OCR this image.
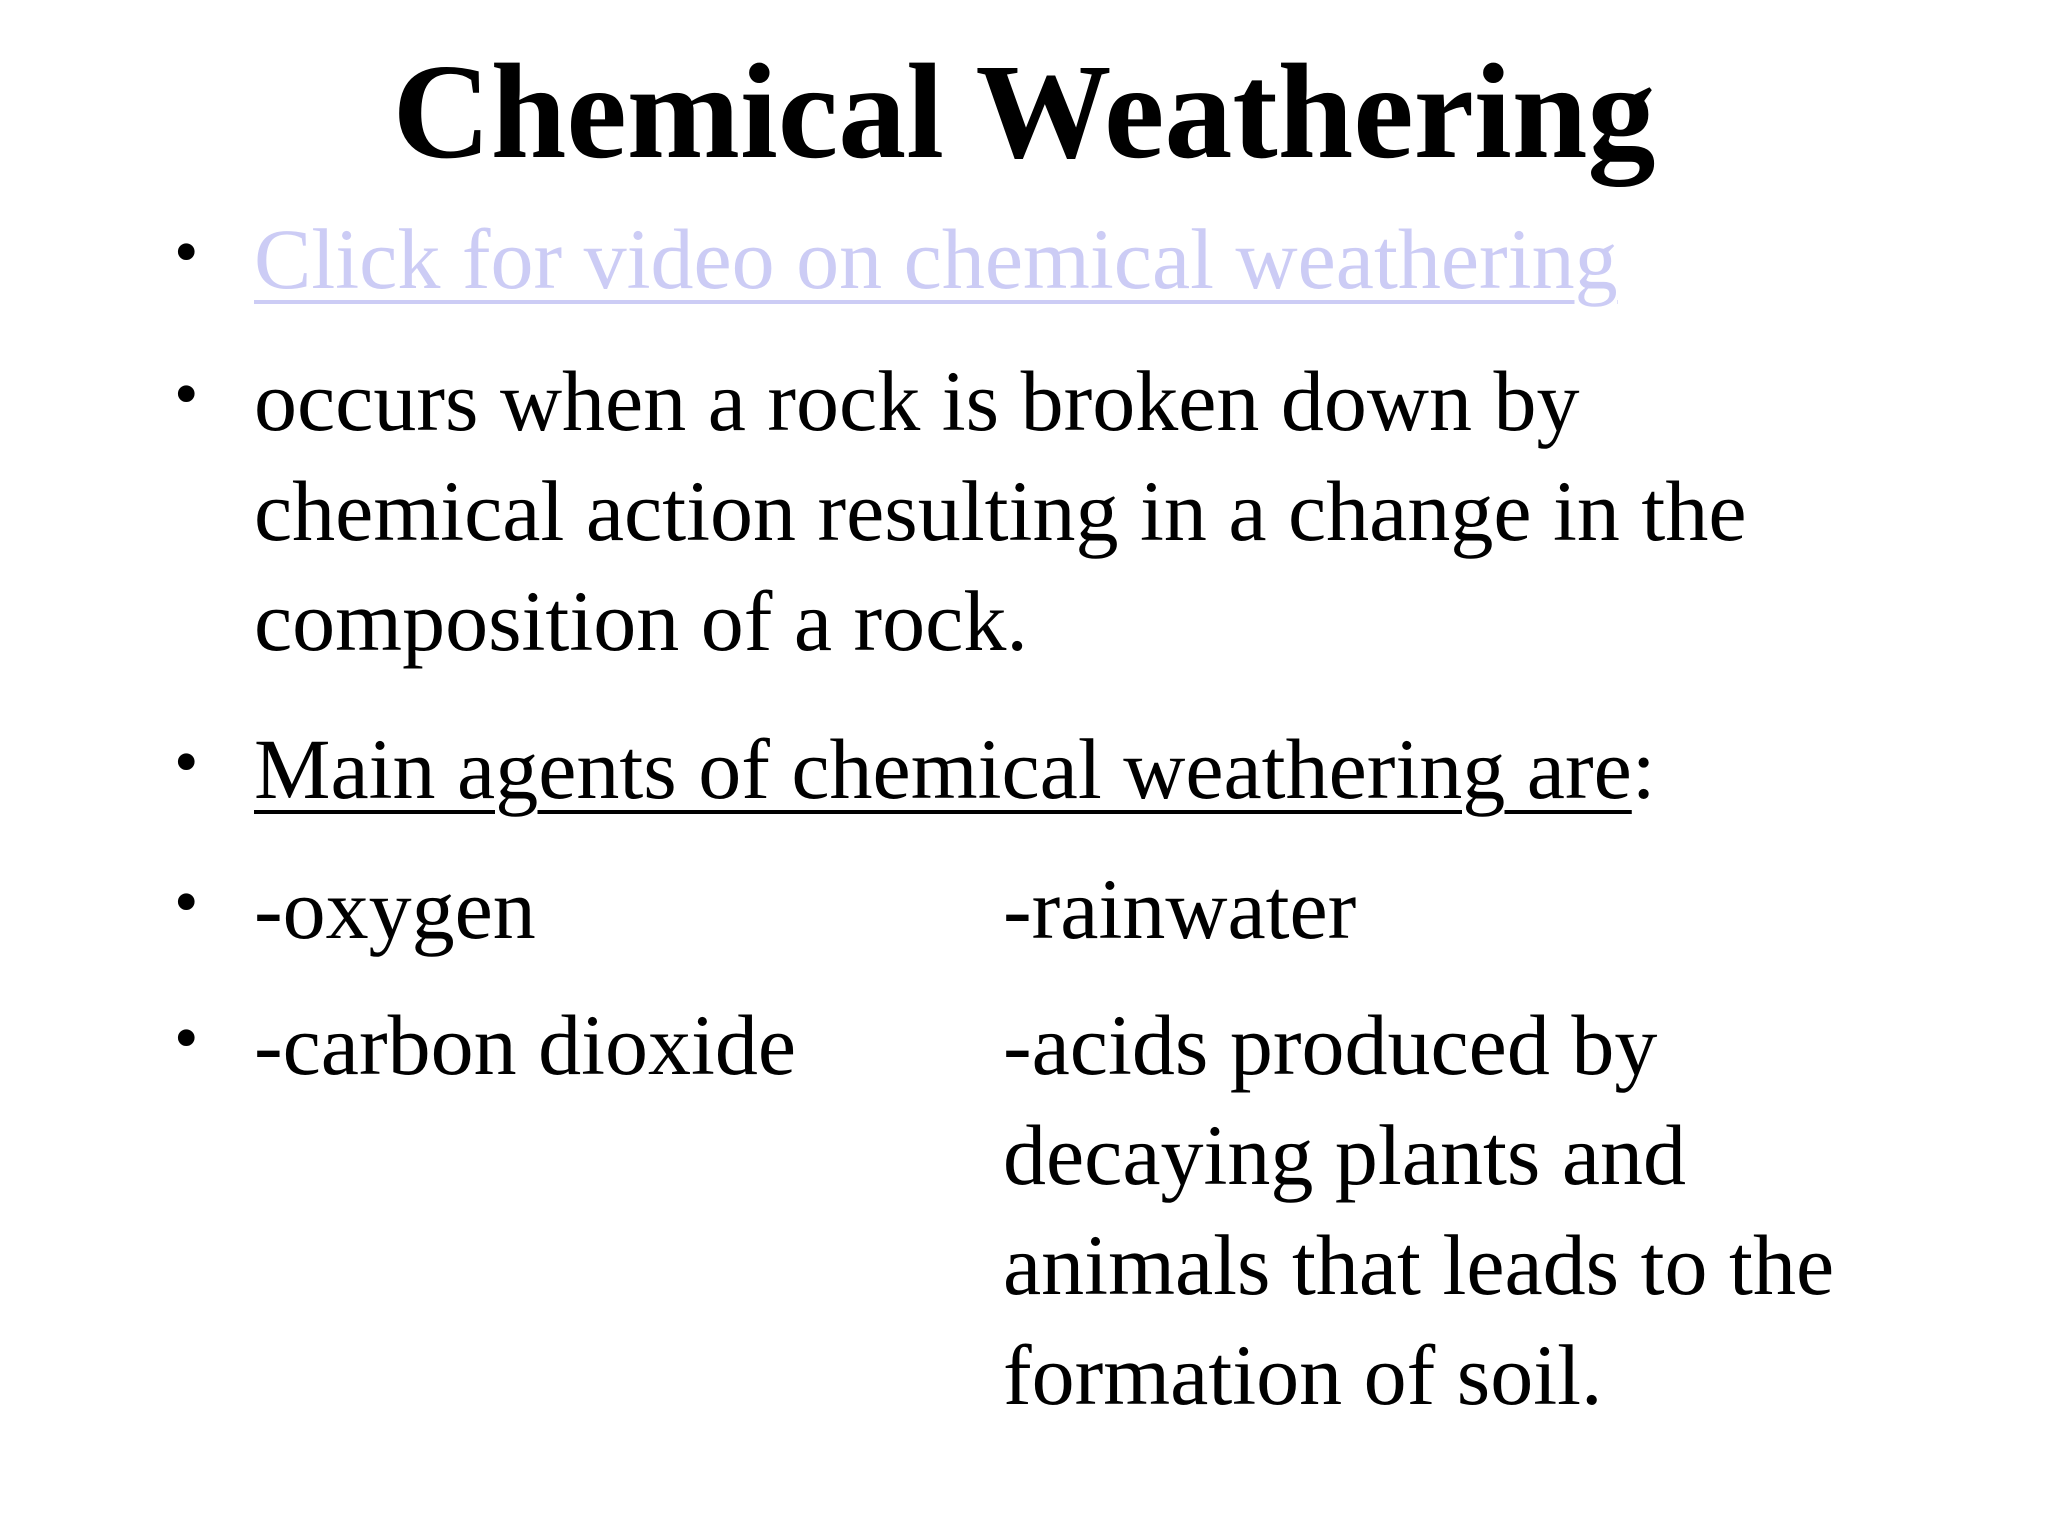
Chemical Weathering
• Click for video on chemical weathering
• occurs when a rock is broken down by
chemical action resulting in a change in the
composition of a rock.
• Main agents of chemical weathering are:
• -oxygen	-rainwater
• -carbon dioxide -acids produced by
decaying plants and
animals that leads to the
formation of soil.
